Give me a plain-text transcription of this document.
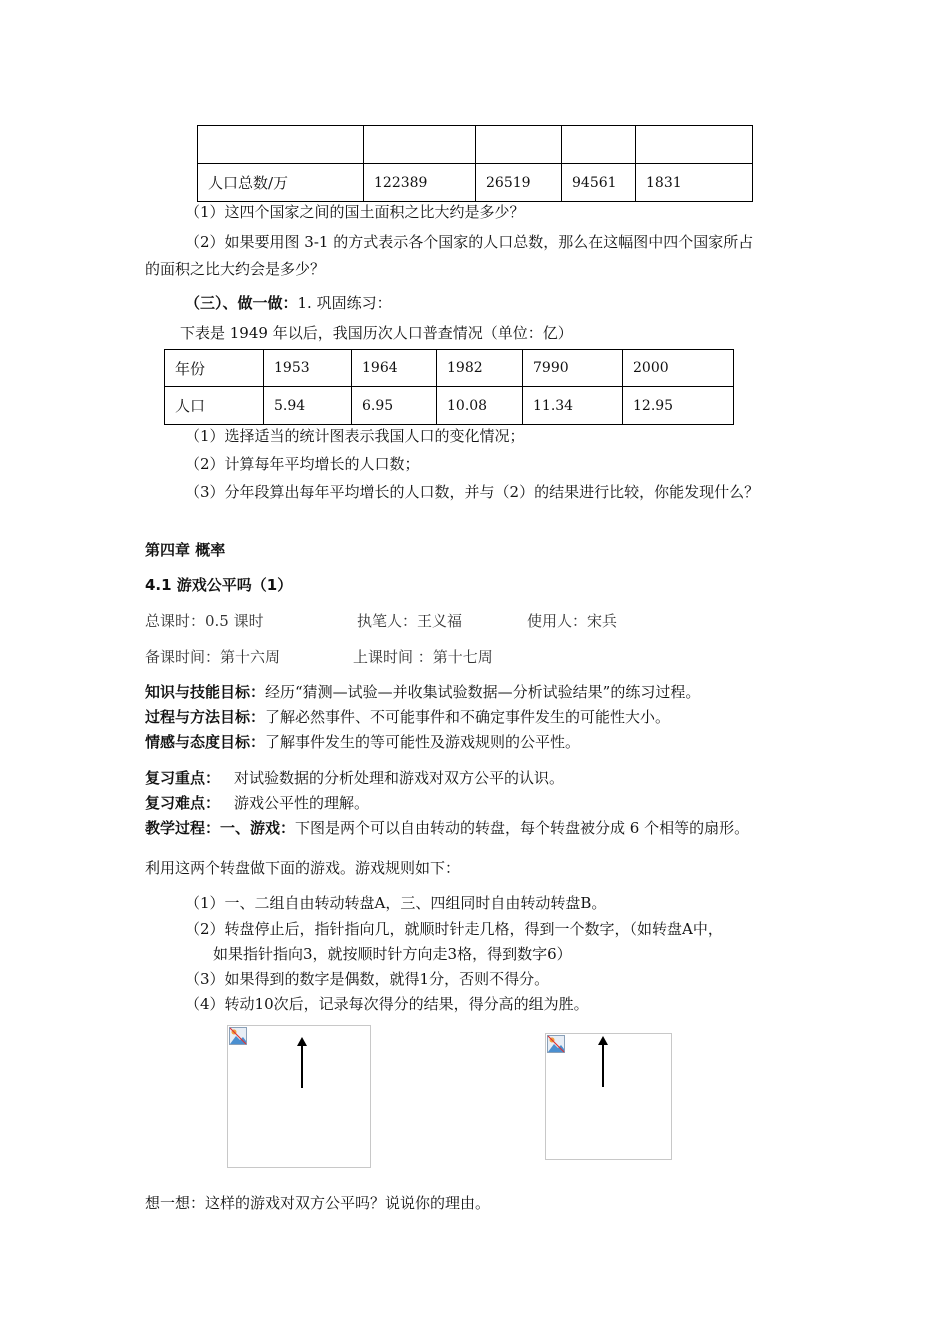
人口总数/万	122389	26519	94561	1831
（1）这四个国家之间的国土面积之比大约是多少？
（2）如果要用图 3-1 的方式表示各个国家的人口总数，那么在这幅图中四个国家所占
的面积之比大约会是多少？
（三）、做一做：1. 巩固练习：
下表是 1949 年以后，我国历次人口普查情况（单位：亿）
年份	1953	1964	1982	7990	2000
人口	5.94	6.95	10.08	11.34	12.95
（1）选择适当的统计图表示我国人口的变化情况；
（2）计算每年平均增长的人口数；
（3）分年段算出每年平均增长的人口数，并与（2）的结果进行比较，你能发现什么？
第四章 概率
4.1 游戏公平吗（1）
总课时：0.5 课时	执笔人：王义福	使用人：宋兵
备课时间：第十六周	上课时间 ：第十七周
知识与技能目标：经历“猜测—试验—并收集试验数据—分析试验结果”的练习过程。
过程与方法目标：了解必然事件、不可能事件和不确定事件发生的可能性大小。
情感与态度目标：了解事件发生的等可能性及游戏规则的公平性。
复习重点： 对试验数据的分析处理和游戏对双方公平的认识。
复习难点： 游戏公平性的理解。
教学过程：一、游戏：下图是两个可以自由转动的转盘，每个转盘被分成 6 个相等的扇形。
利用这两个转盘做下面的游戏。游戏规则如下：
（1）一、二组自由转动转盘A，三、四组同时自由转动转盘B。
（2）转盘停止后，指针指向几，就顺时针走几格，得到一个数字，（如转盘A中，
如果指针指向3，就按顺时针方向走3格，得到数字6）
（3）如果得到的数字是偶数，就得1分，否则不得分。
（4）转动10次后，记录每次得分的结果，得分高的组为胜。
想一想：这样的游戏对双方公平吗？说说你的理由。
